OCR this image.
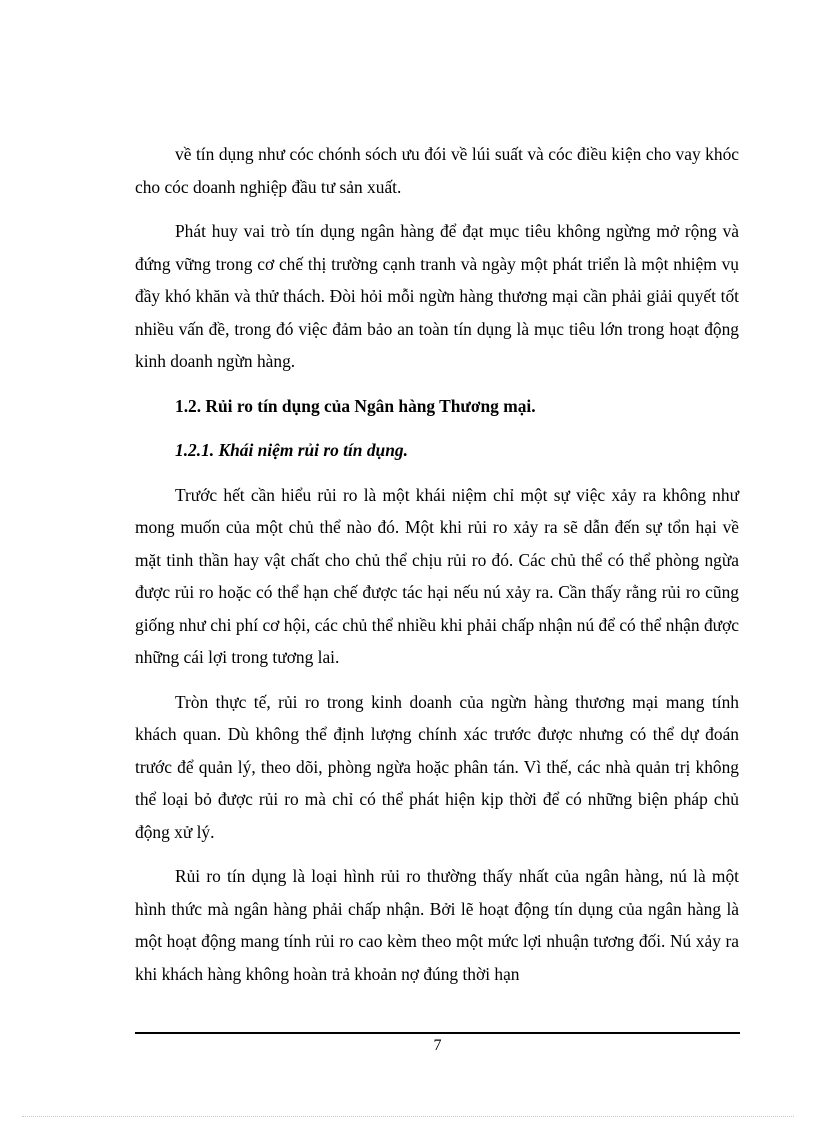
về tín dụng như cóc chónh sóch ưu đói về lúi suất và cóc điều kiện cho vay khóc cho cóc doanh nghiệp đầu tư sản xuất.

Phát huy vai trò tín dụng ngân hàng để đạt mục tiêu không ngừng mở rộng và đứng vững trong cơ chế thị trường cạnh tranh và ngày một phát triển là một nhiệm vụ đầy khó khăn và thử thách. Đòi hỏi mỗi ngừn hàng thương mại cần phải giải quyết tốt nhiều vấn đề, trong đó việc đảm bảo an toàn tín dụng là mục tiêu lớn trong hoạt động kinh doanh ngừn hàng.

1.2. Rủi ro tín dụng của Ngân hàng Thương mại.

1.2.1. Khái niệm rủi ro tín dụng.

Trước hết cần hiểu rủi ro là một khái niệm chỉ một sự việc xảy ra không như mong muốn của một chủ thể nào đó. Một khi rủi ro xảy ra sẽ dẫn đến sự tổn hại về mặt tinh thần hay vật chất cho chủ thể chịu rủi ro đó. Các chủ thể có thể phòng ngừa được rủi ro hoặc có thể hạn chế được tác hại nếu nú xảy ra. Cần thấy rằng rủi ro cũng giống như chi phí cơ hội, các chủ thể nhiều khi phải chấp nhận nú để có thể nhận được những cái lợi trong tương lai.

Tròn thực tế, rủi ro trong kinh doanh của ngừn hàng thương mại mang tính khách quan. Dù không thể định lượng chính xác trước được nhưng có thể dự đoán trước để quản lý, theo dõi, phòng ngừa hoặc phân tán. Vì thế, các nhà quản trị không thể loại bỏ được rủi ro mà chỉ có thể phát hiện kịp thời để có những biện pháp chủ động xử lý.

Rủi ro tín dụng là loại hình rủi ro thường thấy nhất của ngân hàng, nú là một hình thức mà ngân hàng phải chấp nhận. Bởi lẽ hoạt động tín dụng của ngân hàng là một hoạt động mang tính rủi ro cao kèm theo một mức lợi nhuận tương đối. Nú xảy ra khi khách hàng không hoàn trả khoản nợ đúng thời hạn

7
